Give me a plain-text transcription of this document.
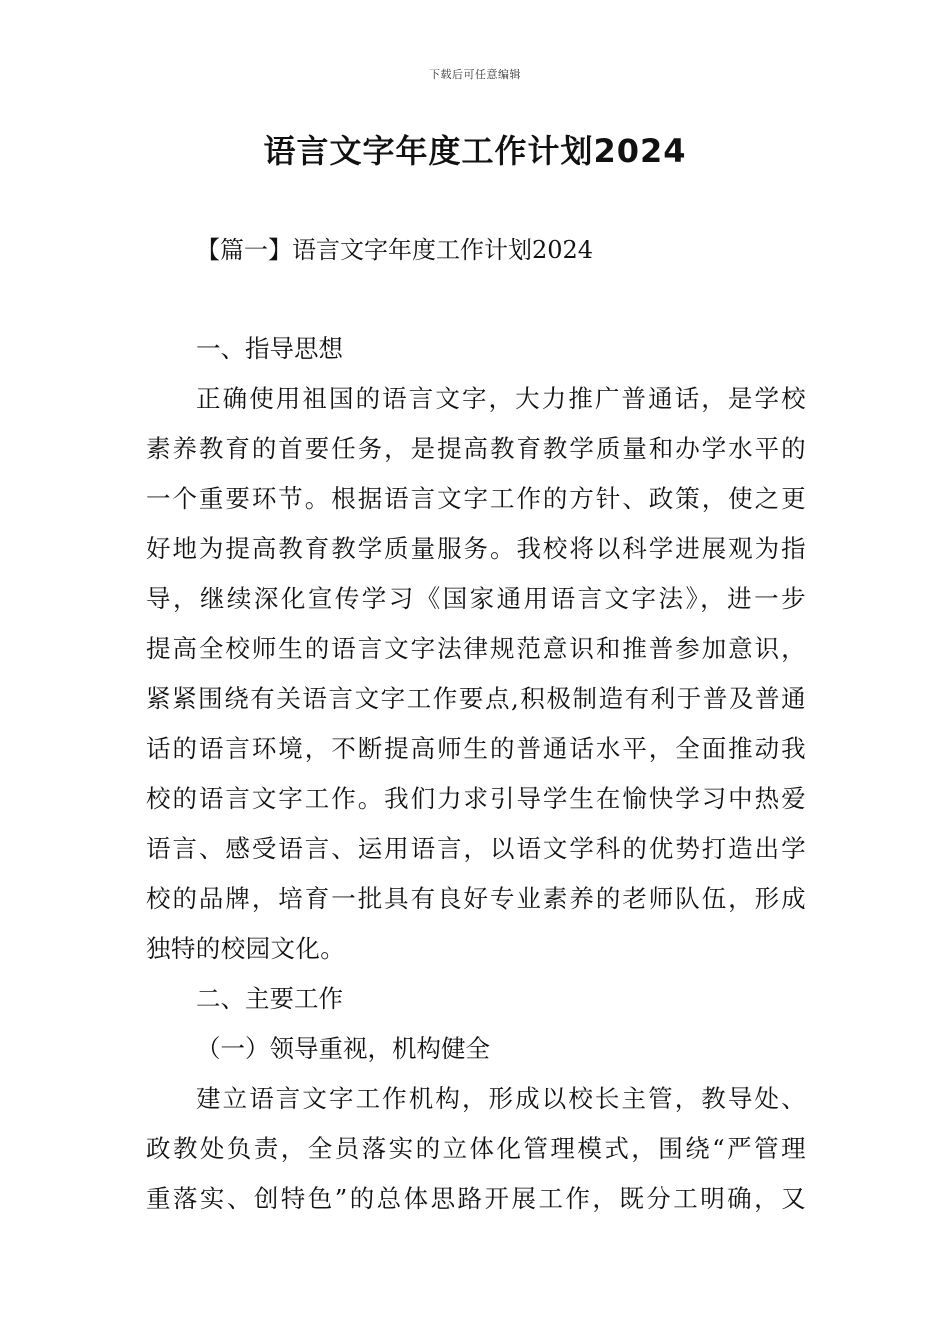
下载后可任意编辑
语言文字年度工作计划2024
【篇一】语言文字年度工作计划2024
一、指导思想
正确使用祖国的语言文字，大力推广普通话，是学校
素养教育的首要任务，是提高教育教学质量和办学水平的
一个重要环节。根据语言文字工作的方针、政策，使之更
好地为提高教育教学质量服务。我校将以科学进展观为指
导，继续深化宣传学习《国家通用语言文字法》，进一步
提高全校师生的语言文字法律规范意识和推普参加意识，
紧紧围绕有关语言文字工作要点,积极制造有利于普及普通
话的语言环境，不断提高师生的普通话水平，全面推动我
校的语言文字工作。我们力求引导学生在愉快学习中热爱
语言、感受语言、运用语言，以语文学科的优势打造出学
校的品牌，培育一批具有良好专业素养的老师队伍，形成
独特的校园文化。
二、主要工作
（一）领导重视，机构健全
建立语言文字工作机构，形成以校长主管，教导处、
政教处负责，全员落实的立体化管理模式，围绕“严管理
重落实、创特色”的总体思路开展工作，既分工明确，又
